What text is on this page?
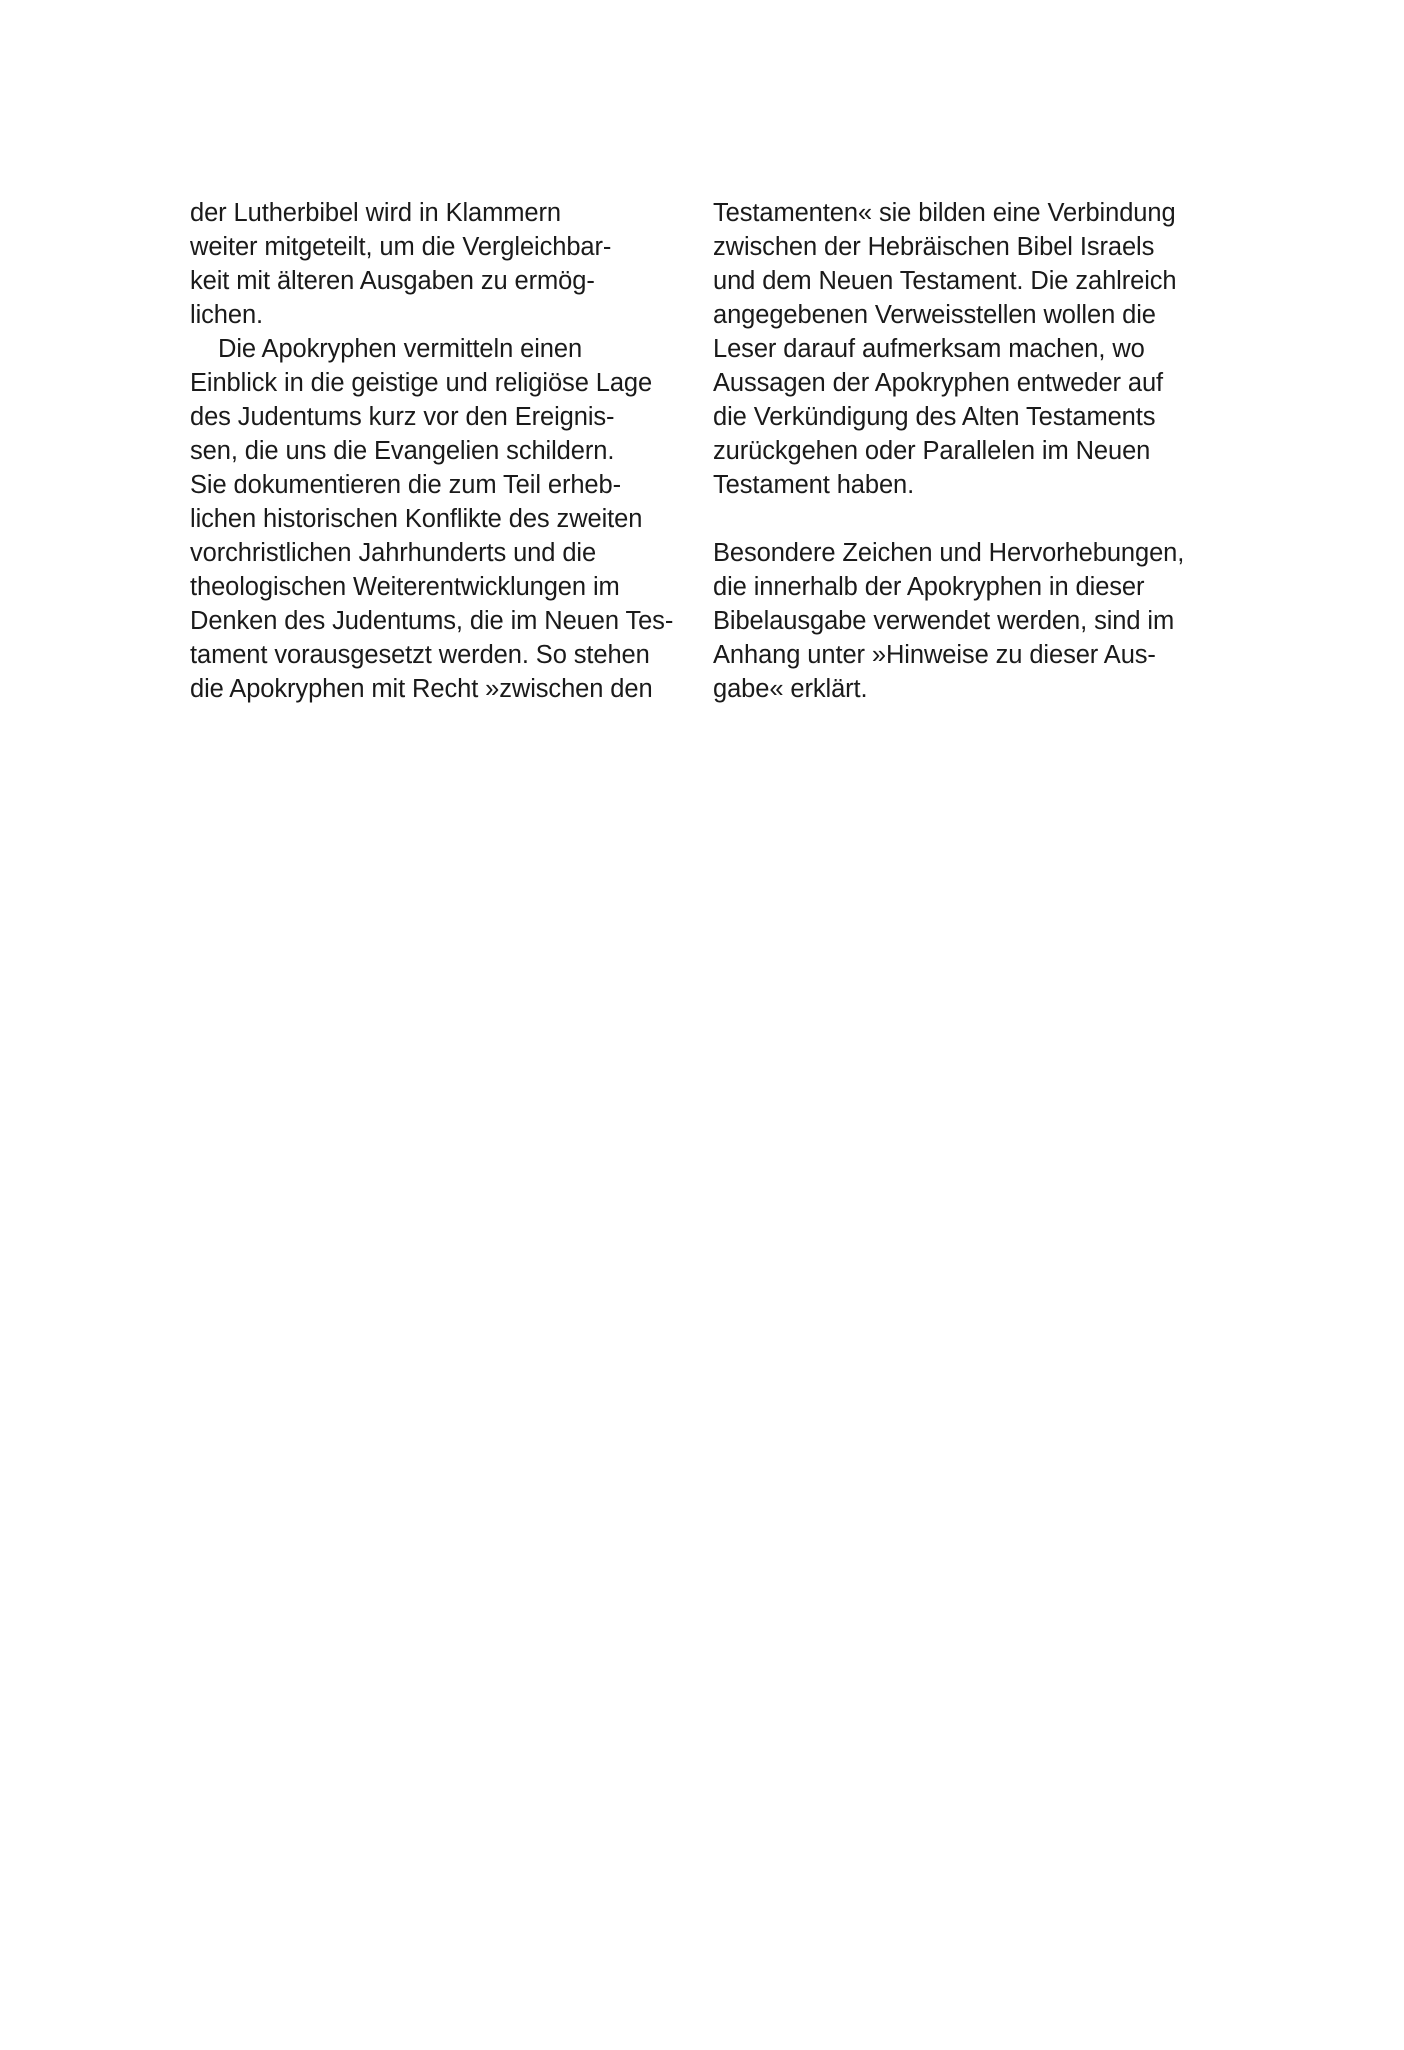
der Lutherbibel wird in Klammern
weiter mitgeteilt, um die Vergleichbar-
keit mit älteren Ausgaben zu ermög-
lichen.
Die Apokryphen vermitteln einen
Einblick in die geistige und religiöse Lage
des Judentums kurz vor den Ereignis-
sen, die uns die Evangelien schildern.
Sie dokumentieren die zum Teil erheb-
lichen historischen Konflikte des zweiten
vorchristlichen Jahrhunderts und die
theologischen Weiterentwicklungen im
Denken des Judentums, die im Neuen Tes-
tament vorausgesetzt werden. So stehen
die Apokryphen mit Recht »zwischen den
Testamenten« sie bilden eine Verbindung
zwischen der Hebräischen Bibel Israels
und dem Neuen Testament. Die zahlreich
angegebenen Verweisstellen wollen die
Leser darauf aufmerksam machen, wo
Aussagen der Apokryphen entweder auf
die Verkündigung des Alten Testaments
zurückgehen oder Parallelen im Neuen
Testament haben.
Besondere Zeichen und Hervorhebungen,
die innerhalb der Apokryphen in dieser
Bibelausgabe verwendet werden, sind im
Anhang unter »Hinweise zu dieser Aus-
gabe« erklärt.
